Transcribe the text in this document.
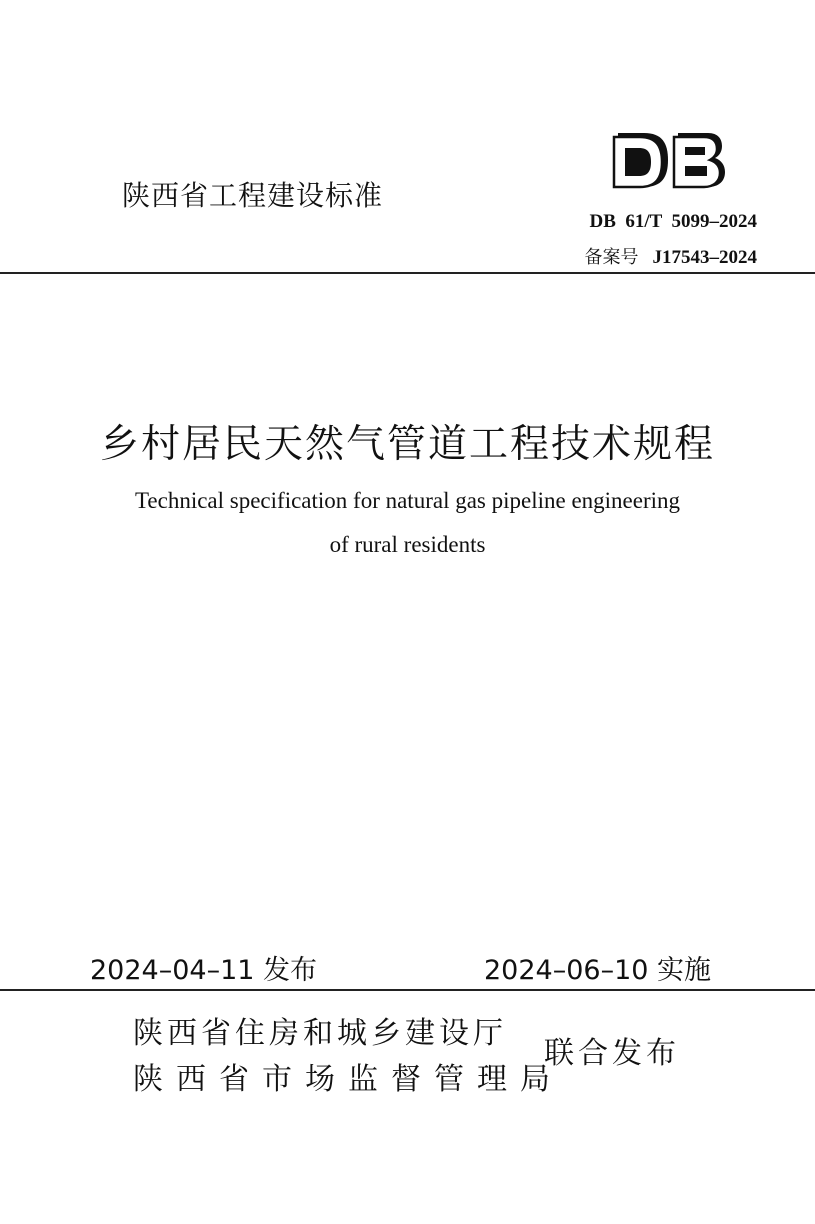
陕西省工程建设标准
DB  61/T  5099–2024
备案号 J17543–2024
乡村居民天然气管道工程技术规程
Technical specification for natural gas pipeline engineering
of rural residents
2024–04–11 发布	2024–06–10 实施
陕西省住房和城乡建设厅
陕西省市场监督管理局
联合发布
